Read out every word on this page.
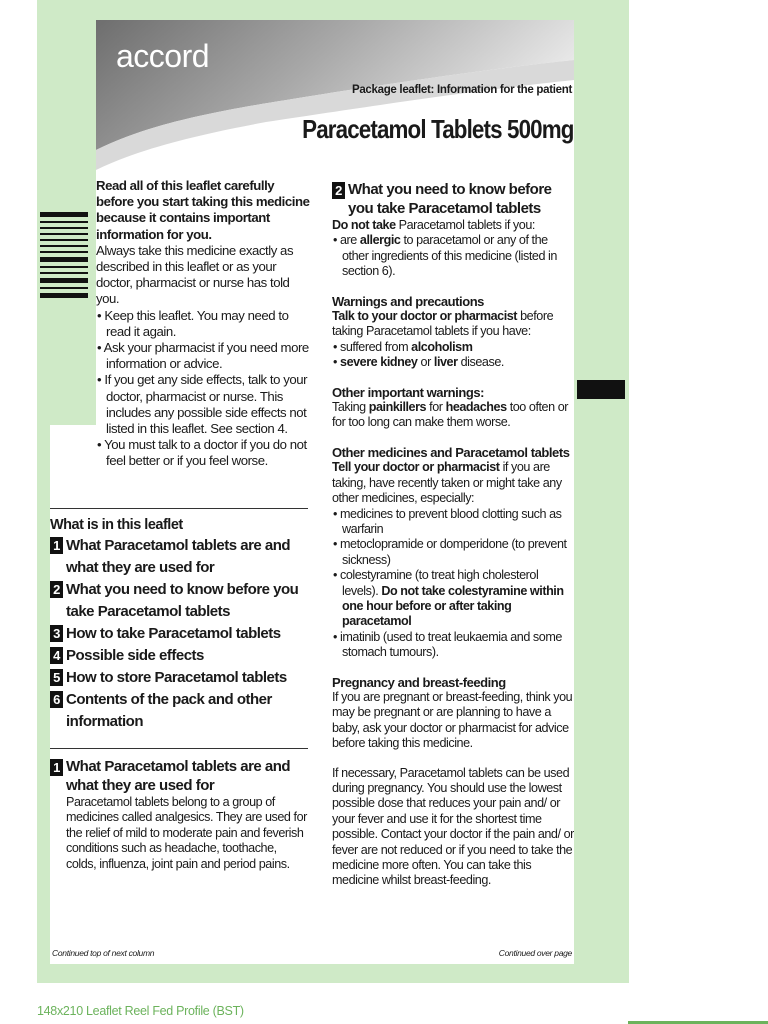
accord
Package leaflet: Information for the patient
Paracetamol Tablets 500mg

Read all of this leaflet carefully before you start taking this medicine because it contains important information for you.

Always take this medicine exactly as described in this leaflet or as your doctor, pharmacist or nurse has told you.

• Keep this leaflet. You may need to read it again.

• Ask your pharmacist if you need more information or advice.

• If you get any side effects, talk to your doctor, pharmacist or nurse. This includes any possible side effects not listed in this leaflet. See section 4.

• You must talk to a doctor if you do not feel better or if you feel worse.

What is in this leaflet
1 What Paracetamol tablets are and what they are used for
2 What you need to know before you take Paracetamol tablets
3 How to take Paracetamol tablets
4 Possible side effects
5 How to store Paracetamol tablets
6 Contents of the pack and other information
1 What Paracetamol tablets are and what they are used for

Paracetamol tablets belong to a group of medicines called analgesics. They are used for the relief of mild to moderate pain and feverish conditions such as headache, toothache, colds, influenza, joint pain and period pains.

2 What you need to know before you take Paracetamol tablets

Do not take Paracetamol tablets if you:

• are allergic to paracetamol or any of the other ingredients of this medicine (listed in section 6).

Warnings and precautions

Talk to your doctor or pharmacist before taking Paracetamol tablets if you have:

• suffered from alcoholism

• severe kidney or liver disease.

Other important warnings:

Taking painkillers for headaches too often or for too long can make them worse.

Other medicines and Paracetamol tablets

Tell your doctor or pharmacist if you are taking, have recently taken or might take any other medicines, especially:

• medicines to prevent blood clotting such as warfarin

• metoclopramide or domperidone (to prevent sickness)

• colestyramine (to treat high cholesterol levels). Do not take colestyramine within one hour before or after taking paracetamol

• imatinib (used to treat leukaemia and some stomach tumours).

Pregnancy and breast-feeding

If you are pregnant or breast-feeding, think you may be pregnant or are planning to have a baby, ask your doctor or pharmacist for advice before taking this medicine.

If necessary, Paracetamol tablets can be used during pregnancy. You should use the lowest possible dose that reduces your pain and/ or your fever and use it for the shortest time possible. Contact your doctor if the pain and/ or fever are not reduced or if you need to take the medicine more often. You can take this medicine whilst breast-feeding.

Continued top of next column	Continued over page
148x210 Leaflet Reel Fed Profile (BST)
